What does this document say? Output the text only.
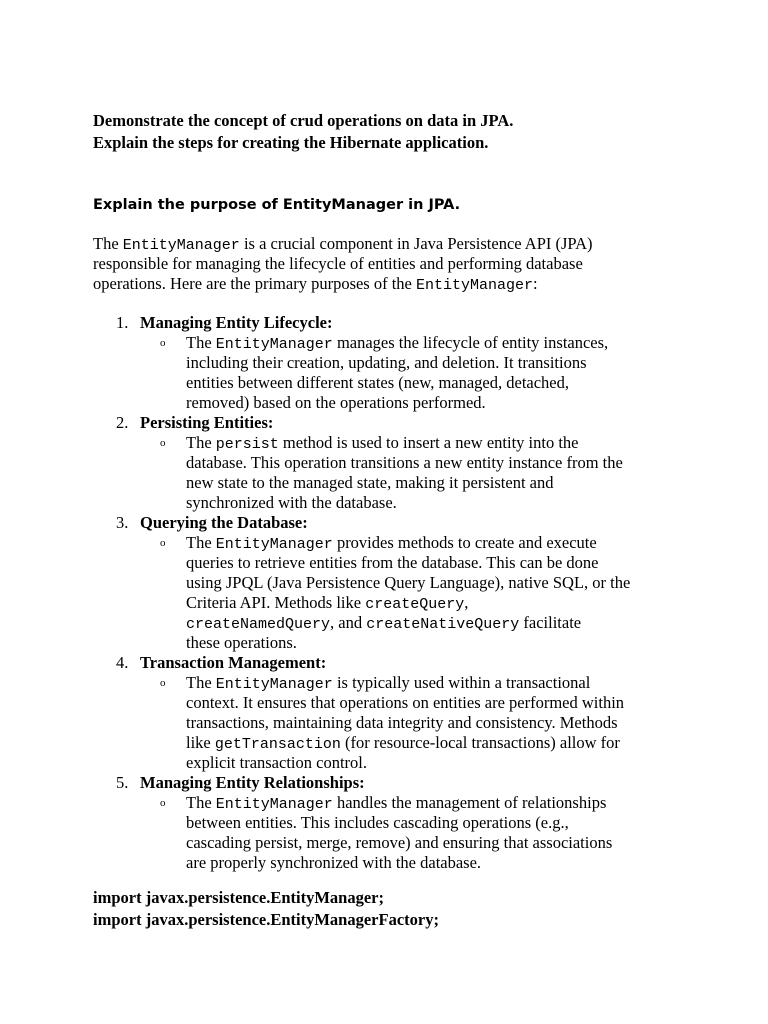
Demonstrate the concept of crud operations on data in JPA.
Explain the steps for creating the Hibernate application.
Explain the purpose of EntityManager in JPA.
The EntityManager is a crucial component in Java Persistence API (JPA)
responsible for managing the lifecycle of entities and performing database
operations. Here are the primary purposes of the EntityManager:
1. Managing Entity Lifecycle:
o The EntityManager manages the lifecycle of entity instances,
including their creation, updating, and deletion. It transitions
entities between different states (new, managed, detached,
removed) based on the operations performed.
2. Persisting Entities:
o The persist method is used to insert a new entity into the
database. This operation transitions a new entity instance from the
new state to the managed state, making it persistent and
synchronized with the database.
3. Querying the Database:
o The EntityManager provides methods to create and execute
queries to retrieve entities from the database. This can be done
using JPQL (Java Persistence Query Language), native SQL, or the
Criteria API. Methods like createQuery,
createNamedQuery, and createNativeQuery facilitate
these operations.
4. Transaction Management:
o The EntityManager is typically used within a transactional
context. It ensures that operations on entities are performed within
transactions, maintaining data integrity and consistency. Methods
like getTransaction (for resource-local transactions) allow for
explicit transaction control.
5. Managing Entity Relationships:
o The EntityManager handles the management of relationships
between entities. This includes cascading operations (e.g.,
cascading persist, merge, remove) and ensuring that associations
are properly synchronized with the database.
import javax.persistence.EntityManager;
import javax.persistence.EntityManagerFactory;
